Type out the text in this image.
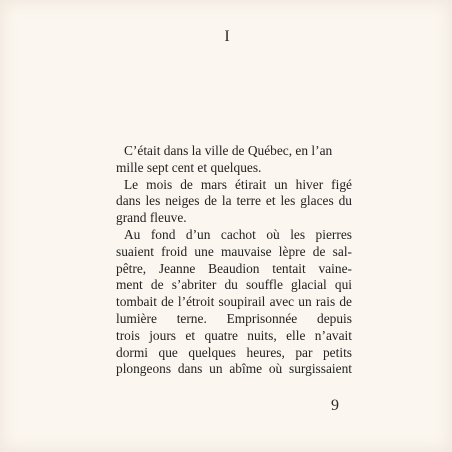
I

C’était dans la ville de Québec, en l’an
mille sept cent et quelques.

Le mois de mars étirait un hiver figé
dans les neiges de la terre et les glaces du
grand fleuve.

Au fond d’un cachot où les pierres
suaient froid une mauvaise lèpre de sal-
pêtre, Jeanne Beaudion tentait vaine-
ment de s’abriter du souffle glacial qui
tombait de l’étroit soupirail avec un rais de
lumière terne. Emprisonnée depuis
trois jours et quatre nuits, elle n’avait
dormi que quelques heures, par petits
plongeons dans un abîme où surgissaient

9
